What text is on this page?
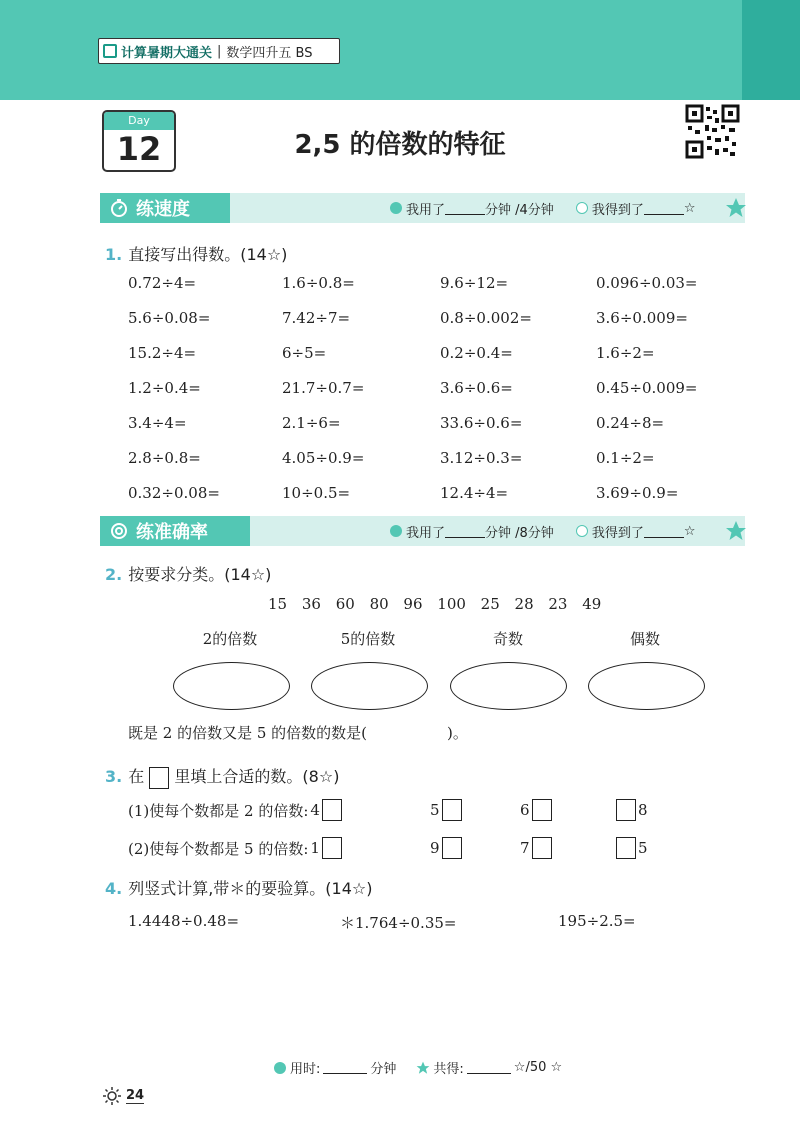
计算暑期大通关 | 数学四升五 BS
Day
12	2,5 的倍数的特征
练速度	我用了	分钟 /4分钟	我得到了	☆
1. 直接写出得数。(14☆)
0.72÷4=	1.6÷0.8=	9.6÷12=	0.096÷0.03=
5.6÷0.08=	7.42÷7=	0.8÷0.002=	3.6÷0.009=
15.2÷4=	6÷5=	0.2÷0.4=	1.6÷2=
1.2÷0.4=	21.7÷0.7=	3.6÷0.6=	0.45÷0.009=
3.4÷4=	2.1÷6=	33.6÷0.6=	0.24÷8=
2.8÷0.8=	4.05÷0.9=	3.12÷0.3=	0.1÷2=
0.32÷0.08=	10÷0.5=	12.4÷4=	3.69÷0.9=
练准确率	我用了	分钟 /8分钟	我得到了	☆
2. 按要求分类。(14☆)
15 36 60 80 96 100 25 28 23 49
2的倍数	5的倍数	奇数	偶数
既是 2 的倍数又是 5 的倍数的数是(	)。
3. 在 里填上合适的数。(8☆)
(1)使每个数都是 2 的倍数: 4	5	6	8
(2)使每个数都是 5 的倍数: 1	9	7	5
4. 列竖式计算,带＊的要验算。(14☆)
1.4448÷0.48=	＊1.764÷0.35=	195÷2.5=
用时:	分钟	共得:	☆/50 ☆
24
